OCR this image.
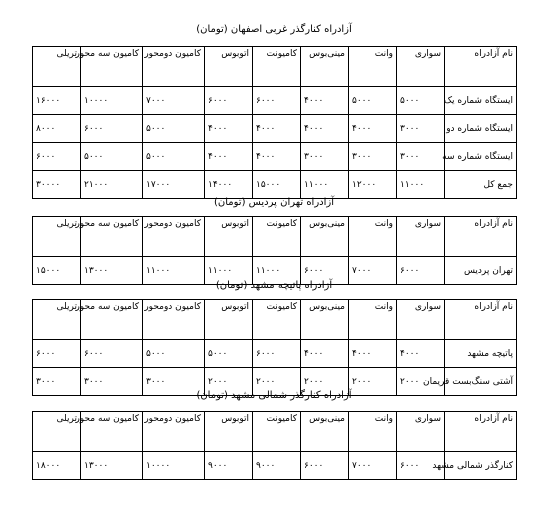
آزادراه کنارگذر غربی اصفهان (تومان)
نام آزادراه	سواری	وانت	مینی‌بوس	کامیونت	اتوبوس	کامیون دومحور	کامیون سه محور	تریلی
ایستگاه شماره یک	۵۰۰۰	۵۰۰۰	۴۰۰۰	۶۰۰۰	۶۰۰۰	۷۰۰۰	۱۰۰۰۰	۱۶۰۰۰
ایستگاه شماره دو	۳۰۰۰	۴۰۰۰	۴۰۰۰	۴۰۰۰	۴۰۰۰	۵۰۰۰	۶۰۰۰	۸۰۰۰
ایستگاه شماره سه	۳۰۰۰	۳۰۰۰	۳۰۰۰	۴۰۰۰	۴۰۰۰	۵۰۰۰	۵۰۰۰	۶۰۰۰
جمع کل	۱۱۰۰۰	۱۲۰۰۰	۱۱۰۰۰	۱۵۰۰۰	۱۴۰۰۰	۱۷۰۰۰	۲۱۰۰۰	۳۰۰۰۰
آزادراه تهران پردیس (تومان)
نام آزادراه	سواری	وانت	مینی‌بوس	کامیونت	اتوبوس	کامیون دومحور	کامیون سه محور	تریلی
تهران پردیس	۶۰۰۰	۷۰۰۰	۶۰۰۰	۱۱۰۰۰	۱۱۰۰۰	۱۱۰۰۰	۱۳۰۰۰	۱۵۰۰۰
آزادراه پاتیچه مشهد (تومان)
نام آزادراه	سواری	وانت	مینی‌بوس	کامیونت	اتوبوس	کامیون دومحور	کامیون سه محور	تریلی
پاتیچه مشهد	۴۰۰۰	۴۰۰۰	۴۰۰۰	۶۰۰۰	۵۰۰۰	۵۰۰۰	۶۰۰۰	۶۰۰۰
آشتی سنگ‌بست قریمان	۲۰۰۰	۲۰۰۰	۲۰۰۰	۲۰۰۰	۲۰۰۰	۳۰۰۰	۳۰۰۰	۳۰۰۰
آزادراه کنارگذر شمالی مشهد (تومان)
نام آزادراه	سواری	وانت	مینی‌بوس	کامیونت	اتوبوس	کامیون دومحور	کامیون سه محور	تریلی
کنارگذر شمالی مشهد	۶۰۰۰	۷۰۰۰	۶۰۰۰	۹۰۰۰	۹۰۰۰	۱۰۰۰۰	۱۳۰۰۰	۱۸۰۰۰
